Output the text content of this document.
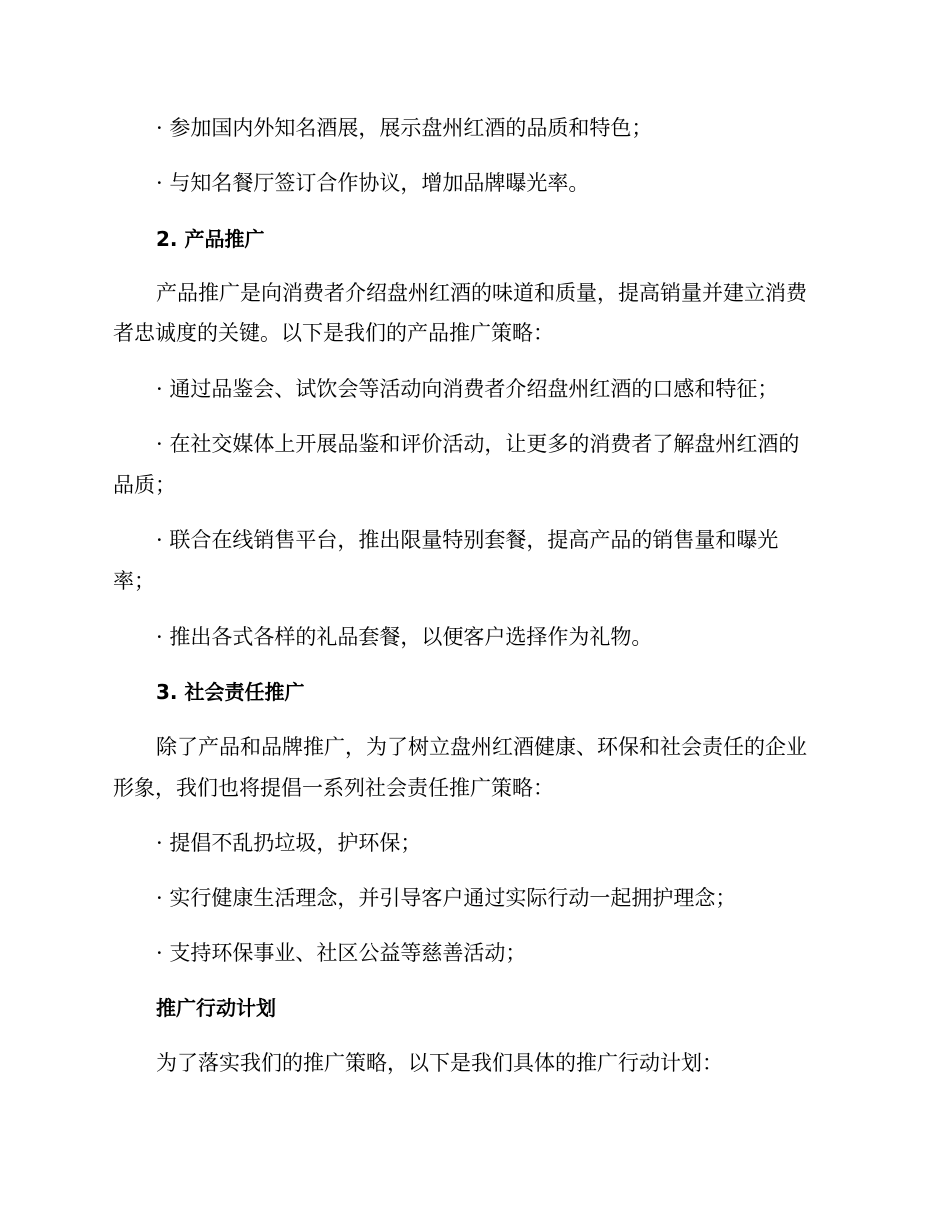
· 参加国内外知名酒展，展示盘州红酒的品质和特色；
· 与知名餐厅签订合作协议，增加品牌曝光率。
2. 产品推广
产品推广是向消费者介绍盘州红酒的味道和质量，提高销量并建立消费
者忠诚度的关键。以下是我们的产品推广策略：
· 通过品鉴会、试饮会等活动向消费者介绍盘州红酒的口感和特征；
· 在社交媒体上开展品鉴和评价活动，让更多的消费者了解盘州红酒的
品质；
· 联合在线销售平台，推出限量特别套餐，提高产品的销售量和曝光
率；
· 推出各式各样的礼品套餐，以便客户选择作为礼物。
3. 社会责任推广
除了产品和品牌推广，为了树立盘州红酒健康、环保和社会责任的企业
形象，我们也将提倡一系列社会责任推广策略：
· 提倡不乱扔垃圾，护环保；
· 实行健康生活理念，并引导客户通过实际行动一起拥护理念；
· 支持环保事业、社区公益等慈善活动；
推广行动计划
为了落实我们的推广策略，以下是我们具体的推广行动计划：
